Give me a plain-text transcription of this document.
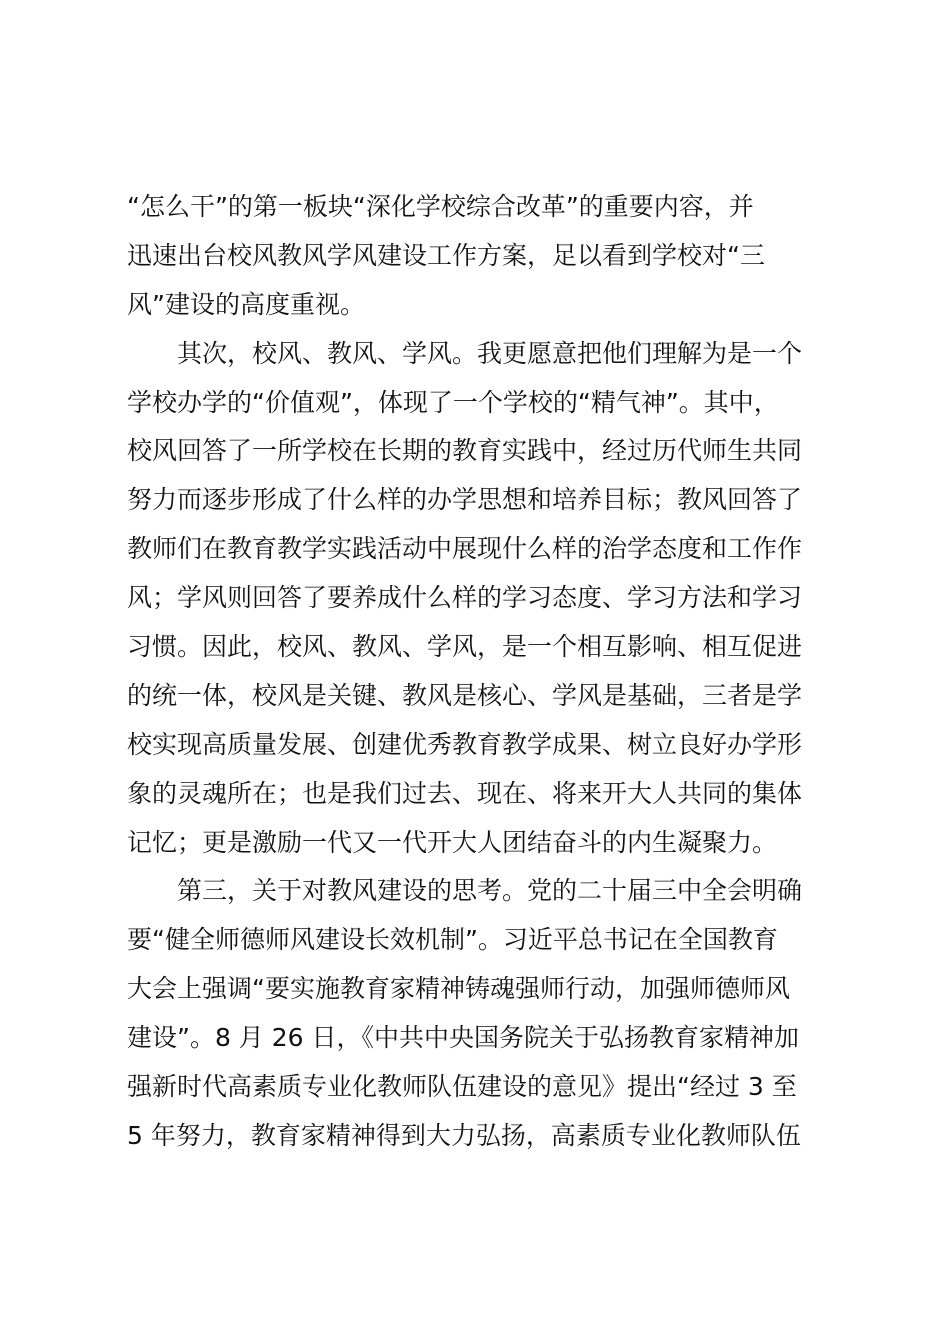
“怎么干”的第一板块“深化学校综合改革”的重要内容，并
迅速出台校风教风学风建设工作方案，足以看到学校对“三
风”建设的高度重视。
　　其次，校风、教风、学风。我更愿意把他们理解为是一个
学校办学的“价值观”，体现了一个学校的“精气神”。其中，
校风回答了一所学校在长期的教育实践中，经过历代师生共同
努力而逐步形成了什么样的办学思想和培养目标；教风回答了
教师们在教育教学实践活动中展现什么样的治学态度和工作作
风；学风则回答了要养成什么样的学习态度、学习方法和学习
习惯。因此，校风、教风、学风，是一个相互影响、相互促进
的统一体，校风是关键、教风是核心、学风是基础，三者是学
校实现高质量发展、创建优秀教育教学成果、树立良好办学形
象的灵魂所在；也是我们过去、现在、将来开大人共同的集体
记忆；更是激励一代又一代开大人团结奋斗的内生凝聚力。
　　第三，关于对教风建设的思考。党的二十届三中全会明确
要“健全师德师风建设长效机制”。习近平总书记在全国教育
大会上强调“要实施教育家精神铸魂强师行动，加强师德师风
建设”。8 月 26 日，《中共中央国务院关于弘扬教育家精神加
强新时代高素质专业化教师队伍建设的意见》提出“经过 3 至
5 年努力，教育家精神得到大力弘扬，高素质专业化教师队伍
